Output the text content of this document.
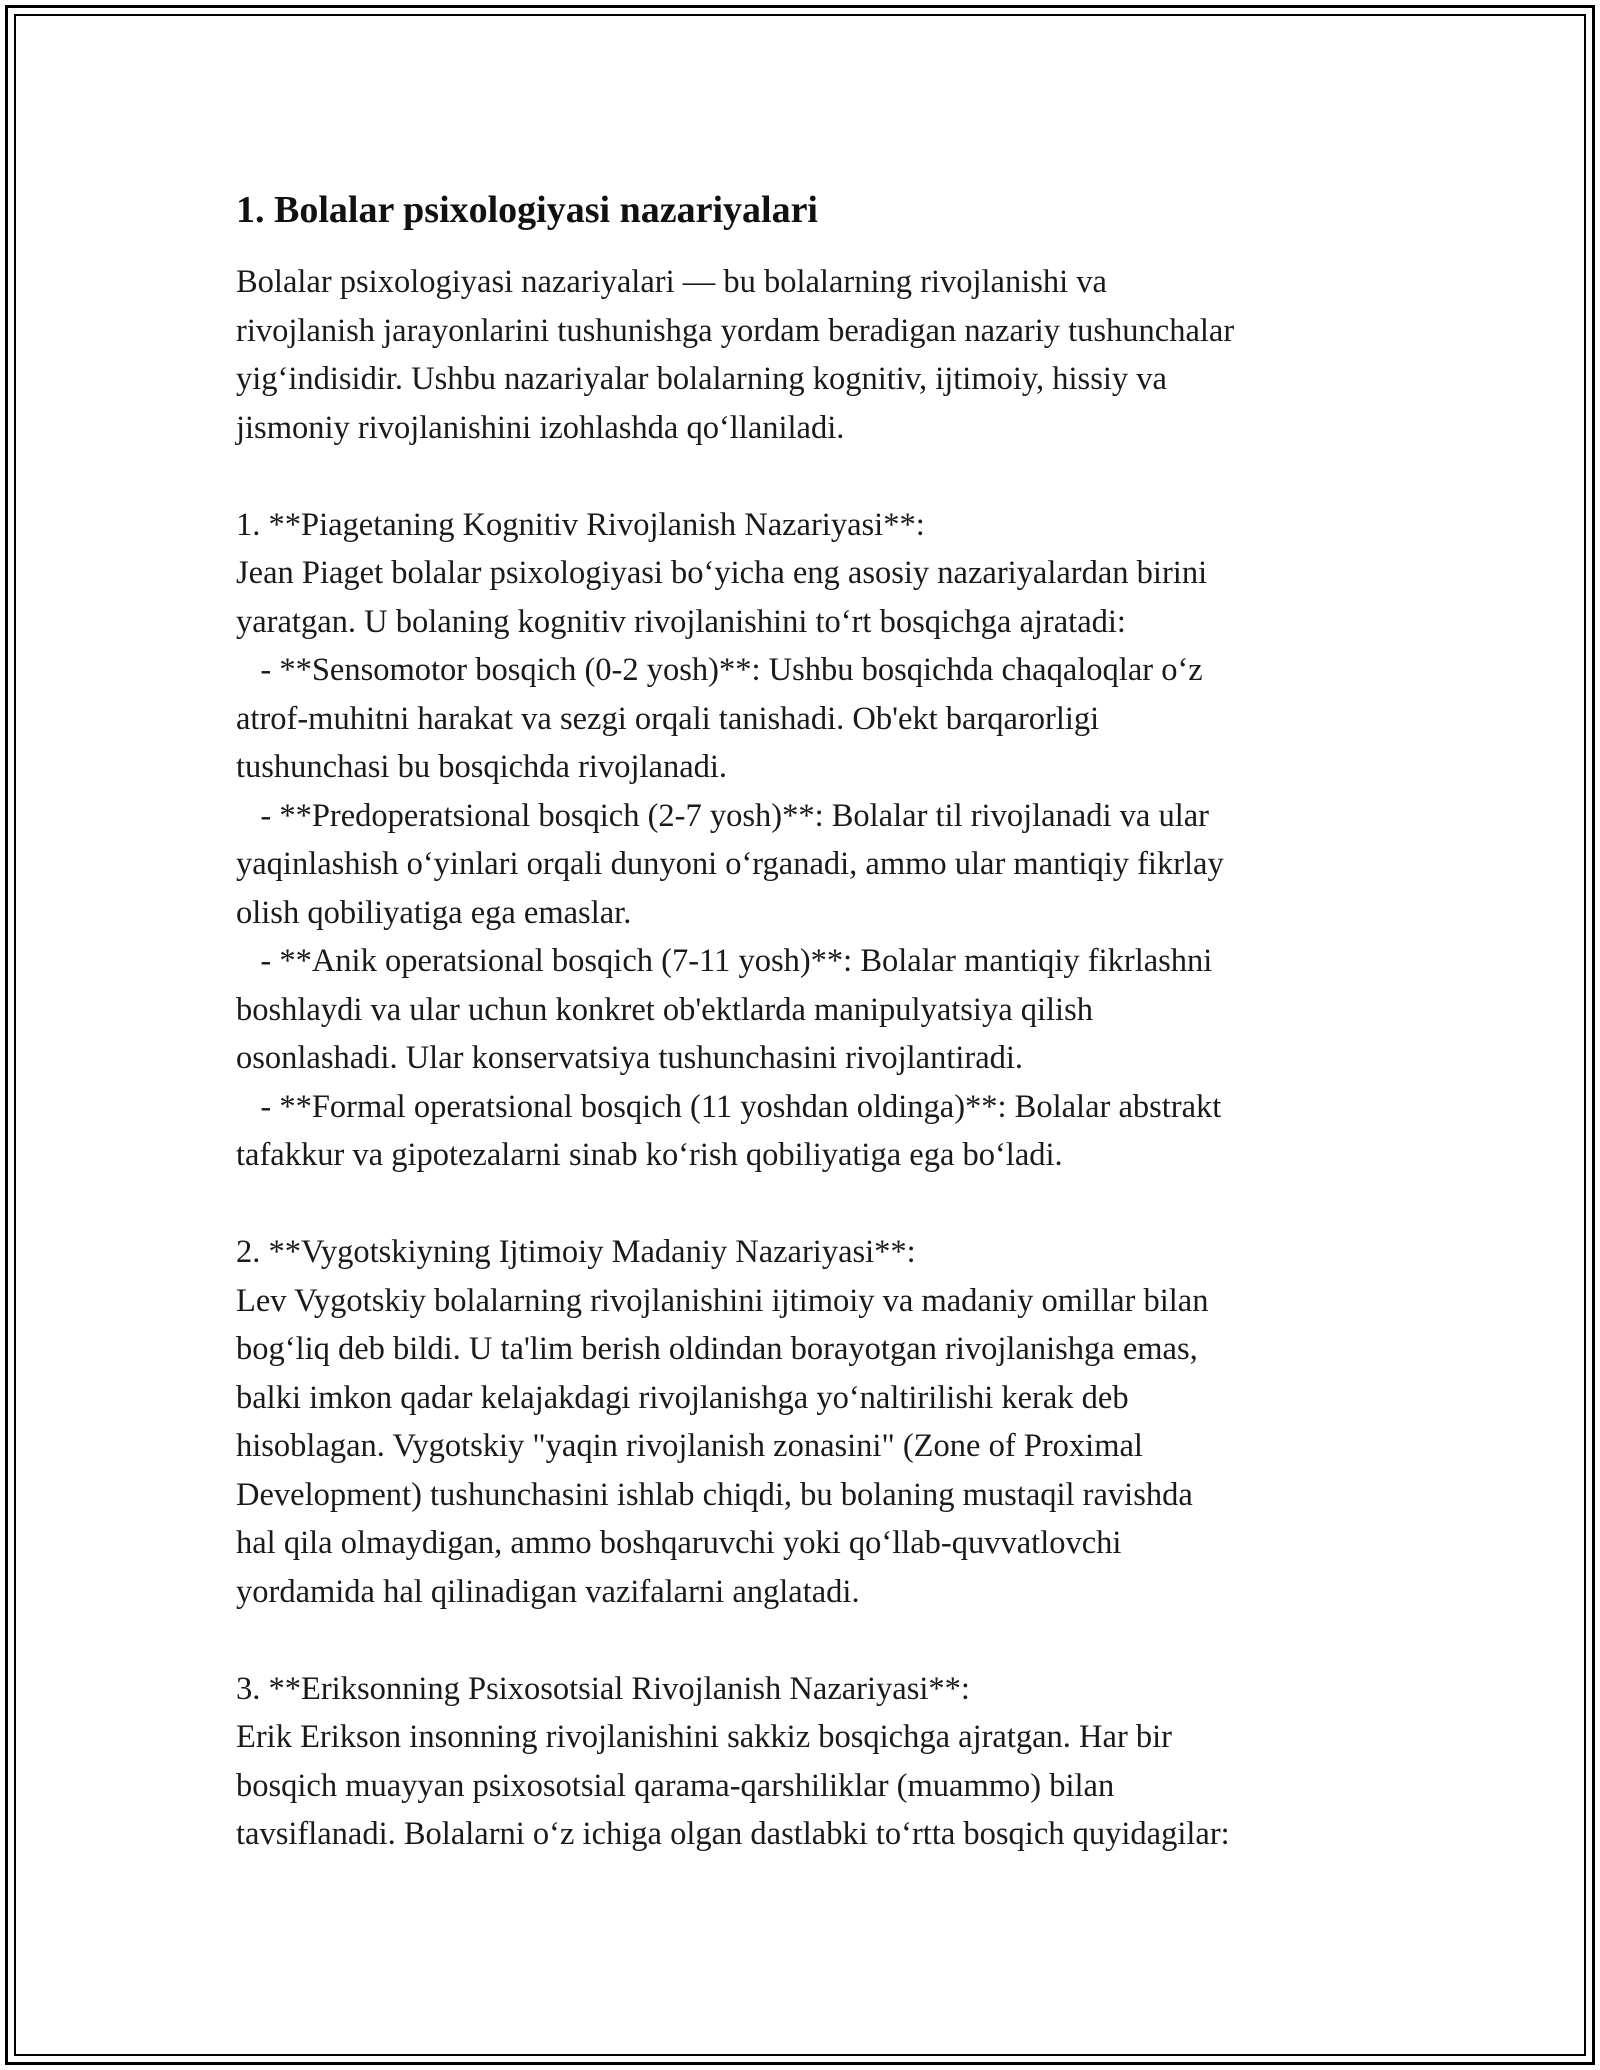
1. Bolalar psixologiyasi nazariyalari

Bolalar psixologiyasi nazariyalari — bu bolalarning rivojlanishi va
rivojlanish jarayonlarini tushunishga yordam beradigan nazariy tushunchalar
yig‘indisidir. Ushbu nazariyalar bolalarning kognitiv, ijtimoiy, hissiy va
jismoniy rivojlanishini izohlashda qo‘llaniladi.

1. **Piagetaning Kognitiv Rivojlanish Nazariyasi**:

Jean Piaget bolalar psixologiyasi bo‘yicha eng asosiy nazariyalardan birini
yaratgan. U bolaning kognitiv rivojlanishini to‘rt bosqichga ajratadi:

- **Sensomotor bosqich (0-2 yosh)**: Ushbu bosqichda chaqaloqlar o‘z
atrof-muhitni harakat va sezgi orqali tanishadi. Ob'ekt barqarorligi
tushunchasi bu bosqichda rivojlanadi.

- **Predoperatsional bosqich (2-7 yosh)**: Bolalar til rivojlanadi va ular
yaqinlashish o‘yinlari orqali dunyoni o‘rganadi, ammo ular mantiqiy fikrlay
olish qobiliyatiga ega emaslar.

- **Anik operatsional bosqich (7-11 yosh)**: Bolalar mantiqiy fikrlashni
boshlaydi va ular uchun konkret ob'ektlarda manipulyatsiya qilish
osonlashadi. Ular konservatsiya tushunchasini rivojlantiradi.

- **Formal operatsional bosqich (11 yoshdan oldinga)**: Bolalar abstrakt
tafakkur va gipotezalarni sinab ko‘rish qobiliyatiga ega bo‘ladi.

2. **Vygotskiyning Ijtimoiy Madaniy Nazariyasi**:

Lev Vygotskiy bolalarning rivojlanishini ijtimoiy va madaniy omillar bilan
bog‘liq deb bildi. U ta'lim berish oldindan borayotgan rivojlanishga emas,
balki imkon qadar kelajakdagi rivojlanishga yo‘naltirilishi kerak deb
hisoblagan. Vygotskiy "yaqin rivojlanish zonasini" (Zone of Proximal
Development) tushunchasini ishlab chiqdi, bu bolaning mustaqil ravishda
hal qila olmaydigan, ammo boshqaruvchi yoki qo‘llab-quvvatlovchi
yordamida hal qilinadigan vazifalarni anglatadi.

3. **Eriksonning Psixosotsial Rivojlanish Nazariyasi**:

Erik Erikson insonning rivojlanishini sakkiz bosqichga ajratgan. Har bir
bosqich muayyan psixosotsial qarama-qarshiliklar (muammo) bilan
tavsiflanadi. Bolalarni o‘z ichiga olgan dastlabki to‘rtta bosqich quyidagilar:
